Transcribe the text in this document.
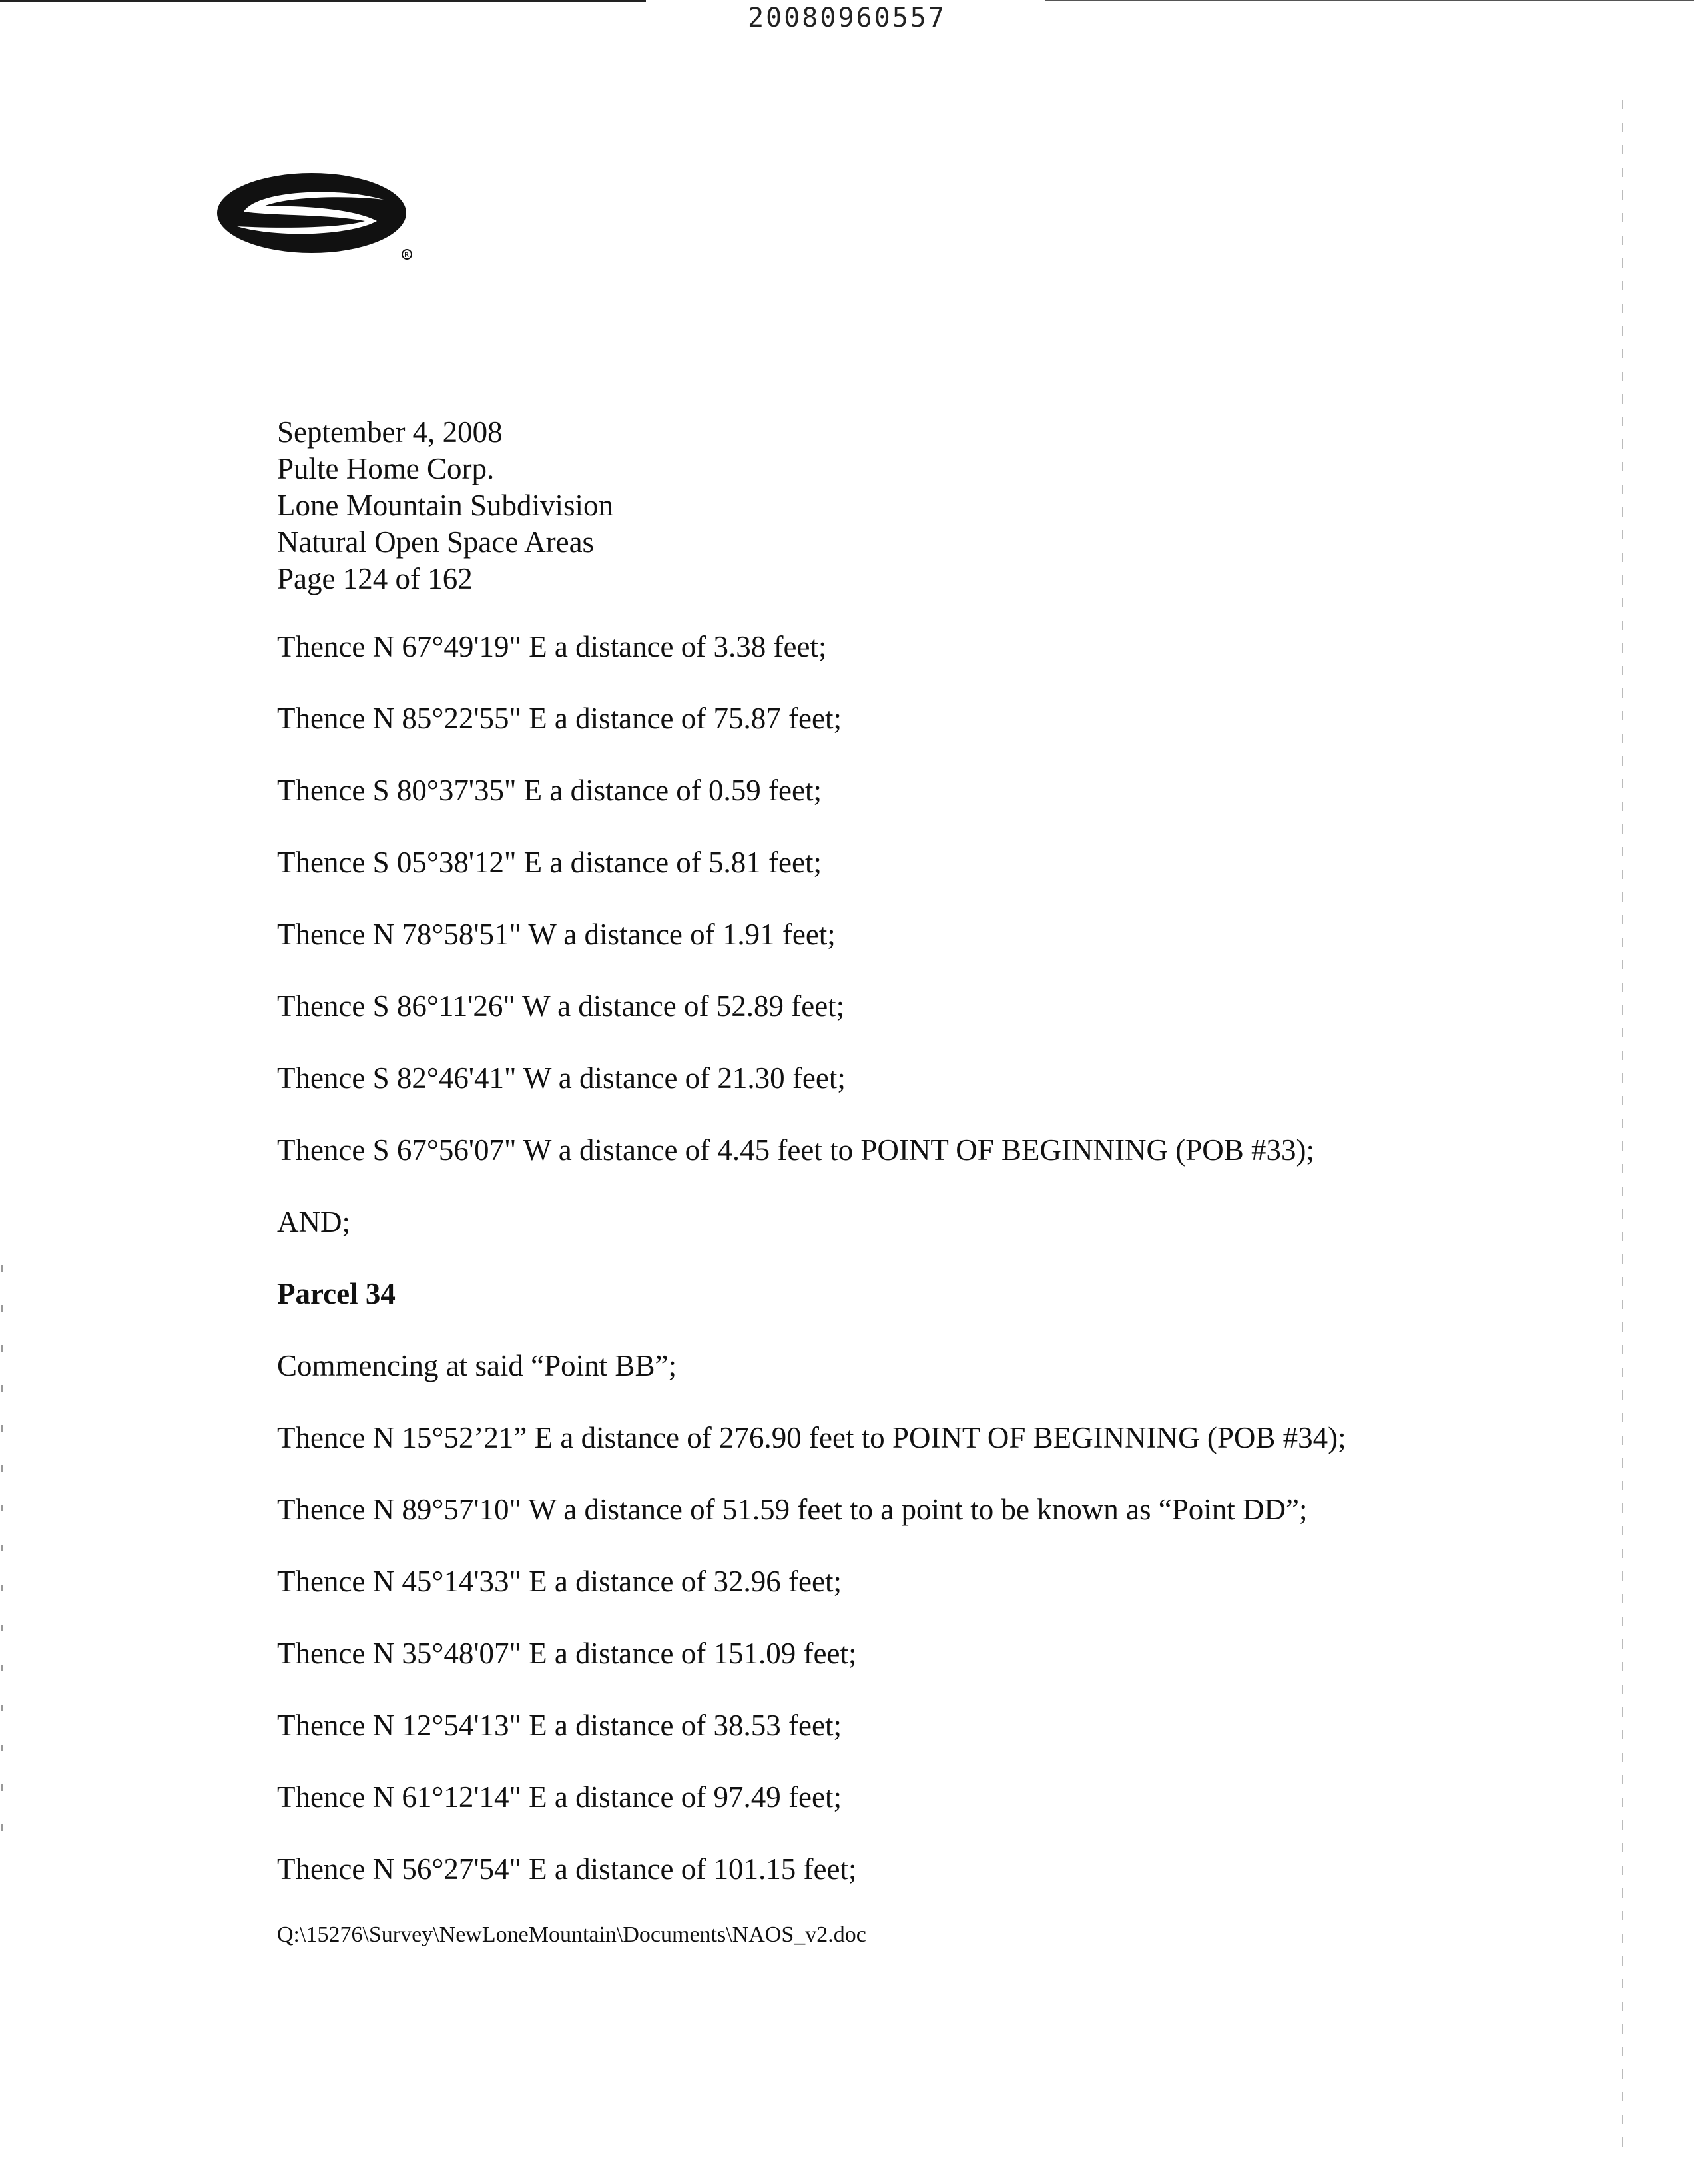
20080960557
R
September 4, 2008
Pulte Home Corp.
Lone Mountain Subdivision
Natural Open Space Areas
Page 124 of 162
Thence N 67°49'19" E a distance of 3.38 feet;
Thence N 85°22'55" E a distance of 75.87 feet;
Thence S 80°37'35" E a distance of 0.59 feet;
Thence S 05°38'12" E a distance of 5.81 feet;
Thence N 78°58'51" W a distance of 1.91 feet;
Thence S 86°11'26" W a distance of 52.89 feet;
Thence S 82°46'41" W a distance of 21.30 feet;
Thence S 67°56'07" W a distance of 4.45 feet to POINT OF BEGINNING (POB #33);
AND;
Parcel 34
Commencing at said “Point BB”;
Thence N 15°52’21” E a distance of 276.90 feet to POINT OF BEGINNING (POB #34);
Thence N 89°57'10" W a distance of 51.59 feet to a point to be known as “Point DD”;
Thence N 45°14'33" E a distance of 32.96 feet;
Thence N 35°48'07" E a distance of 151.09 feet;
Thence N 12°54'13" E a distance of 38.53 feet;
Thence N 61°12'14" E a distance of 97.49 feet;
Thence N 56°27'54" E a distance of 101.15 feet;
Q:\15276\Survey\NewLoneMountain\Documents\NAOS_v2.doc
